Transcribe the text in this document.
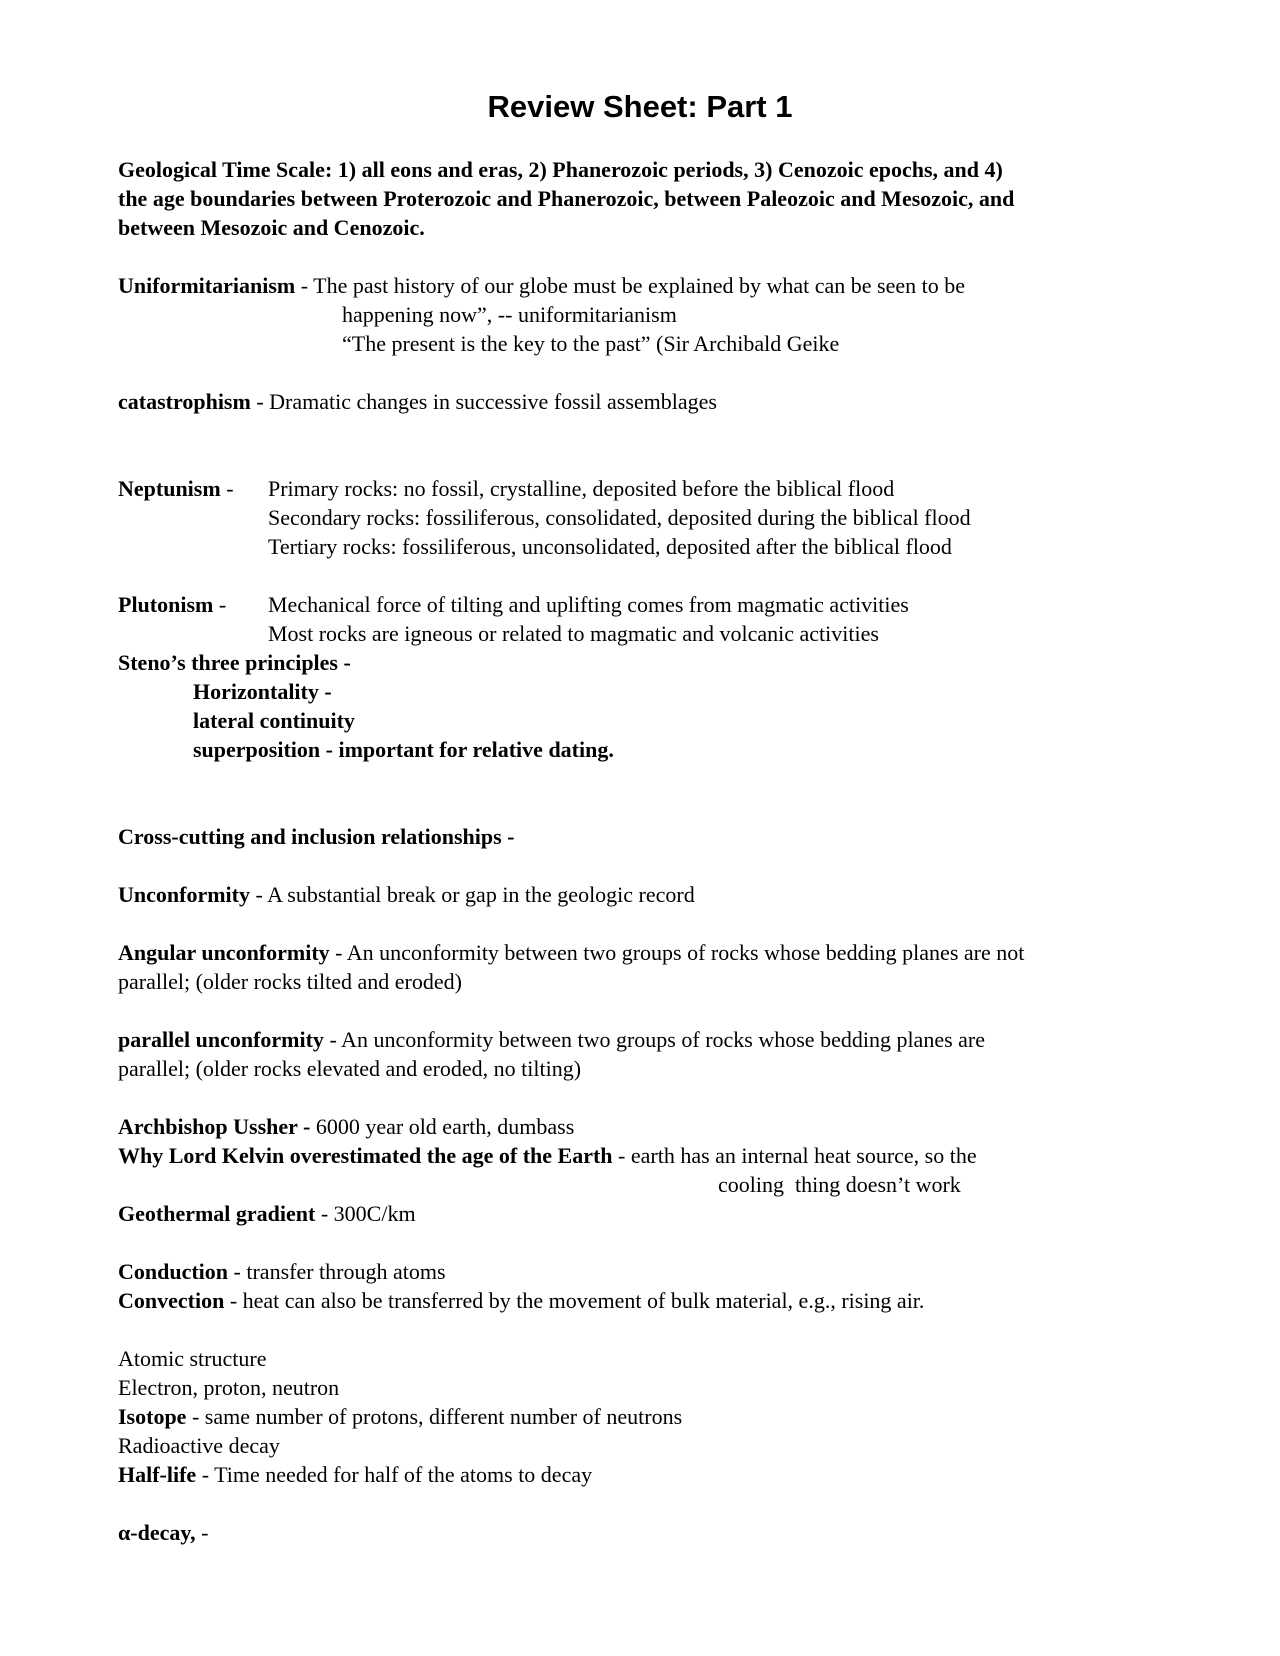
Review Sheet: Part 1
Geological Time Scale: 1) all eons and eras, 2) Phanerozoic periods, 3) Cenozoic epochs, and 4)
the age boundaries between Proterozoic and Phanerozoic, between Paleozoic and Mesozoic, and
between Mesozoic and Cenozoic.
Uniformitarianism - The past history of our globe must be explained by what can be seen to be
happening now”, -- uniformitarianism
“The present is the key to the past” (Sir Archibald Geike
catastrophism - Dramatic changes in successive fossil assemblages
Neptunism - Primary rocks: no fossil, crystalline, deposited before the biblical flood
Secondary rocks: fossiliferous, consolidated, deposited during the biblical flood
Tertiary rocks: fossiliferous, unconsolidated, deposited after the biblical flood
Plutonism - Mechanical force of tilting and uplifting comes from magmatic activities
Most rocks are igneous or related to magmatic and volcanic activities
Steno’s three principles -
Horizontality -
lateral continuity
superposition - important for relative dating.
Cross-cutting and inclusion relationships -
Unconformity - A substantial break or gap in the geologic record
Angular unconformity - An unconformity between two groups of rocks whose bedding planes are not
parallel; (older rocks tilted and eroded)
parallel unconformity - An unconformity between two groups of rocks whose bedding planes are
parallel; (older rocks elevated and eroded, no tilting)
Archbishop Ussher - 6000 year old earth, dumbass
Why Lord Kelvin overestimated the age of the Earth - earth has an internal heat source, so the
cooling  thing doesn’t work
Geothermal gradient - 300C/km
Conduction - transfer through atoms
Convection - heat can also be transferred by the movement of bulk material, e.g., rising air.
Atomic structure
Electron, proton, neutron
Isotope - same number of protons, different number of neutrons
Radioactive decay
Half-life - Time needed for half of the atoms to decay
α-decay, -
